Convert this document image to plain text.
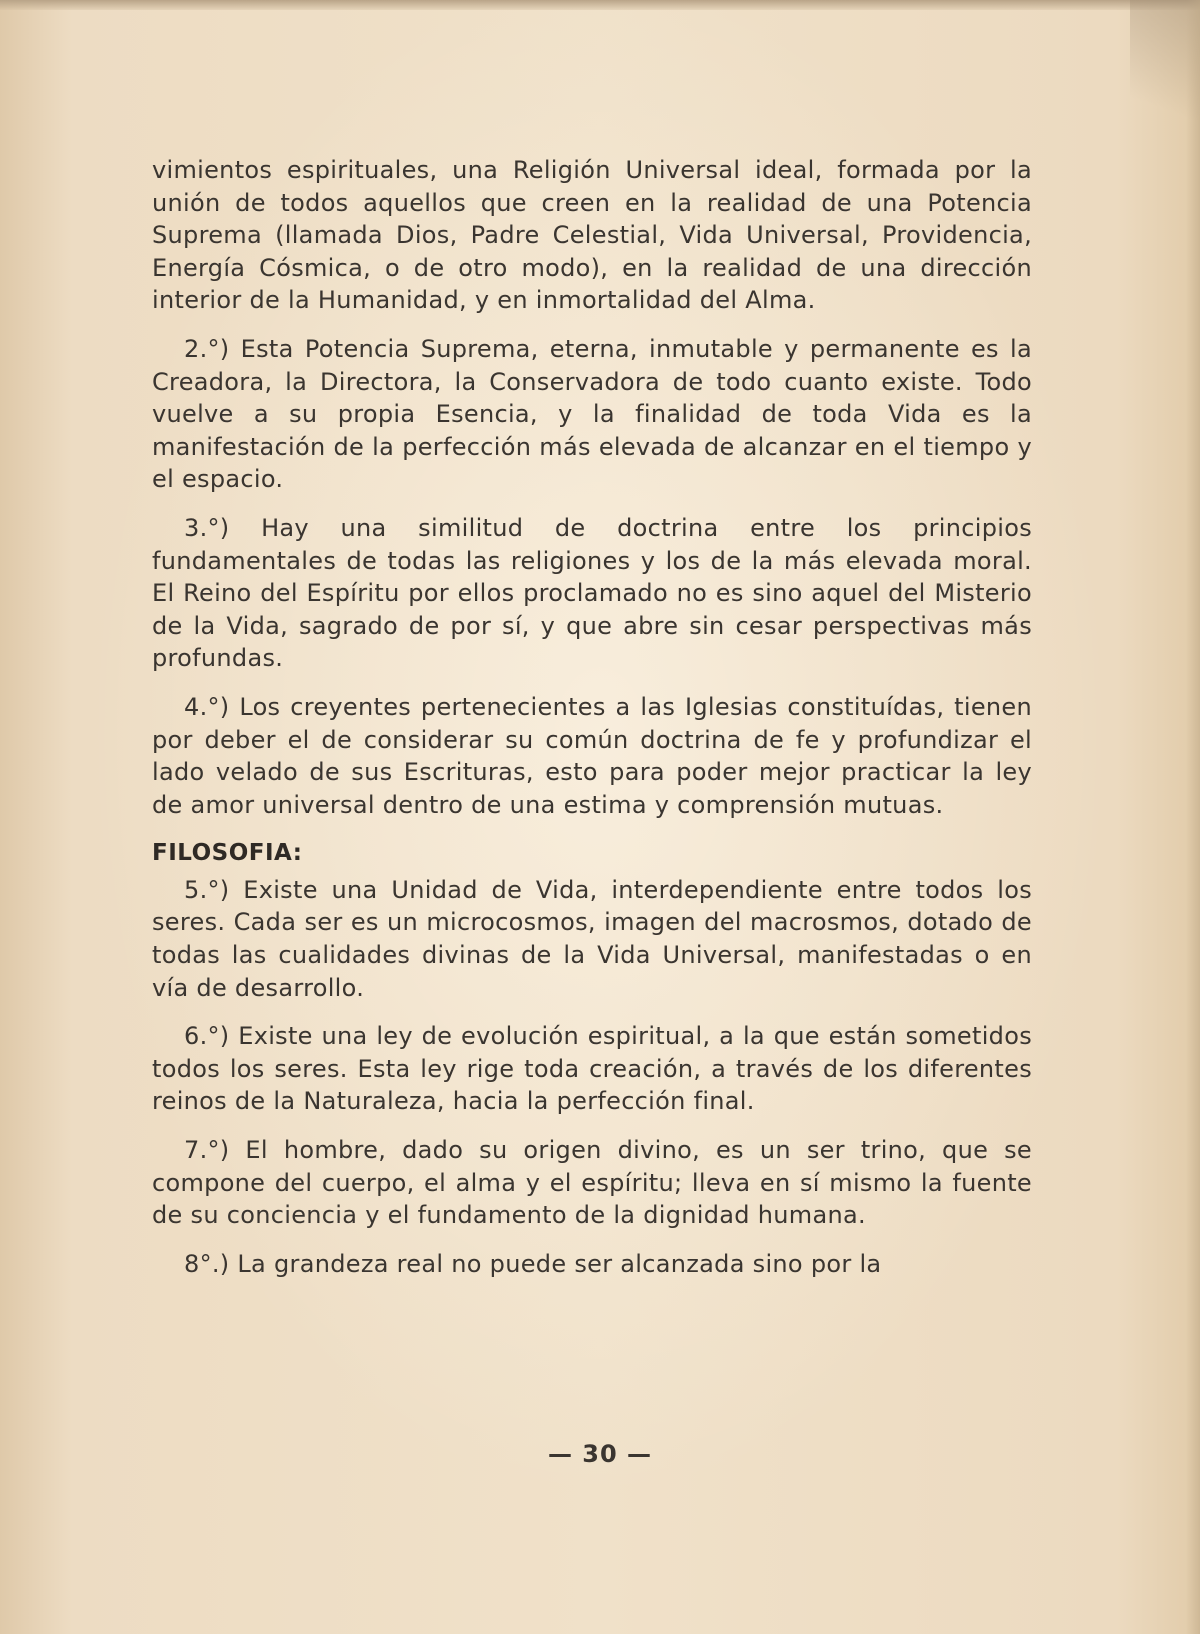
vimientos espirituales, una Religión Universal ideal, formada por la unión de todos aquellos que creen en la realidad de una Potencia Suprema (llamada Dios, Padre Celestial, Vida Universal, Providencia, Energía Cósmica, o de otro modo), en la realidad de una dirección interior de la Humanidad, y en inmortalidad del Alma.

2.°) Esta Potencia Suprema, eterna, inmutable y permanente es la Creadora, la Directora, la Conservadora de todo cuanto existe. Todo vuelve a su propia Esencia, y la finalidad de toda Vida es la manifestación de la perfección más elevada de alcanzar en el tiempo y el espacio.

3.°) Hay una similitud de doctrina entre los principios fundamentales de todas las religiones y los de la más elevada moral. El Reino del Espíritu por ellos proclamado no es sino aquel del Misterio de la Vida, sagrado de por sí, y que abre sin cesar perspectivas más profundas.

4.°) Los creyentes pertenecientes a las Iglesias constituídas, tienen por deber el de considerar su común doctrina de fe y profundizar el lado velado de sus Escrituras, esto para poder mejor practicar la ley de amor universal dentro de una estima y comprensión mutuas.

FILOSOFIA:

5.°) Existe una Unidad de Vida, interdependiente entre todos los seres. Cada ser es un microcosmos, imagen del macrosmos, dotado de todas las cualidades divinas de la Vida Universal, manifestadas o en vía de desarrollo.

6.°) Existe una ley de evolución espiritual, a la que están sometidos todos los seres. Esta ley rige toda creación, a través de los diferentes reinos de la Naturaleza, hacia la perfección final.

7.°) El hombre, dado su origen divino, es un ser trino, que se compone del cuerpo, el alma y el espíritu; lleva en sí mismo la fuente de su conciencia y el fundamento de la dignidad humana.

8°.) La grandeza real no puede ser alcanzada sino por la

— 30 —
